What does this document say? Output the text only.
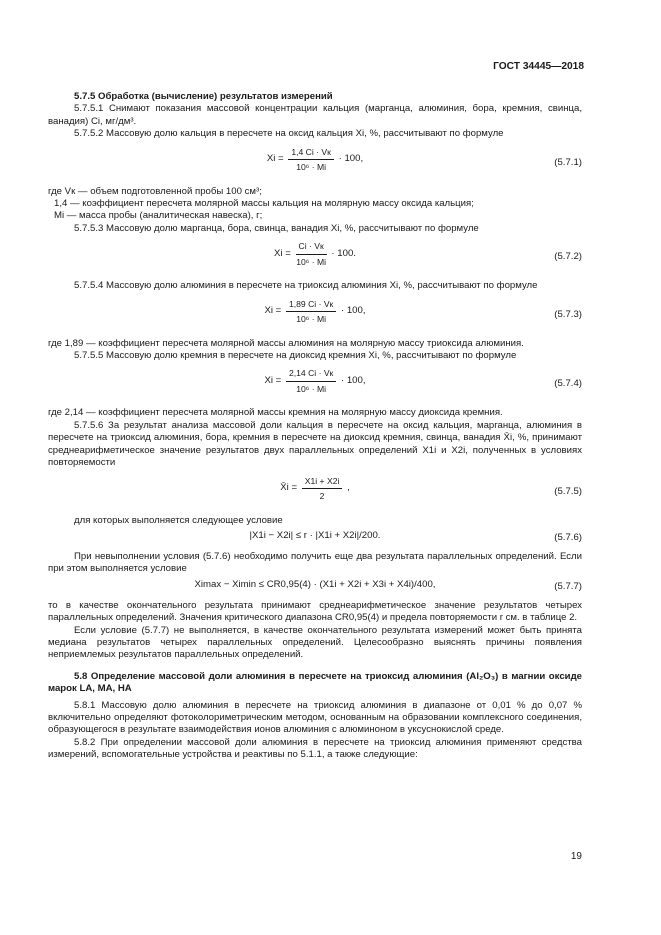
ГОСТ 34445—2018

5.7.5 Обработка (вычисление) результатов измерений

5.7.5.1 Снимают показания массовой концентрации кальция (марганца, алюминия, бора, кремния, свинца, ванадия) Ci, мг/дм³.

5.7.5.2 Массовую долю кальция в пересчете на оксид кальция Xi, %, рассчитывают по формуле

$Xi = \frac{1,4 Ci \cdot Vк}{\text{10⁶ · Mi}} \cdot 100$,	(5.7.1)

где Vк — объем подготовленной пробы 100 см³;

1,4 — коэффициент пересчета молярной массы кальция на молярную массу оксида кальция;

Mi — масса пробы (аналитическая навеска), г;

5.7.5.3 Массовую долю марганца, бора, свинца, ванадия Xi, %, рассчитывают по формуле

$Xi = \frac{Ci \cdot Vк}{\text{10⁶ · Mi}} \cdot 100$.	(5.7.2)

5.7.5.4 Массовую долю алюминия в пересчете на триоксид алюминия Xi, %, рассчитывают по формуле

$Xi = \frac{1,89 Ci \cdot Vк}{\text{10⁶ · Mi}} \cdot 100$,	(5.7.3)

где 1,89 — коэффициент пересчета молярной массы алюминия на молярную массу триоксида алюминия.

5.7.5.5 Массовую долю кремния в пересчете на диоксид кремния Xi, %, рассчитывают по формуле

$Xi = \frac{2,14 Ci \cdot Vк}{\text{10⁶ · Mi}} \cdot 100$,	(5.7.4)

где 2,14 — коэффициент пересчета молярной массы кремния на молярную массу диоксида кремния.

5.7.5.6 За результат анализа массовой доли кальция в пересчете на оксид кальция, марганца, алюминия в пересчете на триоксид алюминия, бора, кремния в пересчете на диоксид кремния, свинца, ванадия X̄i, %, принимают среднеарифметическое значение результатов двух параллельных определений X1i и X2i, полученных в условиях повторяемости

X̄i = $\frac{X1i + X2i}{2}$ ,	(5.7.5)

для которых выполняется следующее условие

|X1i − X2i| ≤ r · |X1i + X2i|/200.	(5.7.6)

При невыполнении условия (5.7.6) необходимо получить еще два результата параллельных определений. Если при этом выполняется условие

Ximax − Ximin ≤ CR0,95(4) · (X1i + X2i + X3i + X4i)/400,	(5.7.7)

то в качестве окончательного результата принимают среднеарифметическое значение результатов четырех параллельных определений. Значения критического диапазона CR0,95(4) и предела повторяемости r см. в таблице 2.

Если условие (5.7.7) не выполняется, в качестве окончательного результата измерений может быть принята медиана результатов четырех параллельных определений. Целесообразно выяснять причины появления неприемлемых результатов параллельных определений.

5.8 Определение массовой доли алюминия в пересчете на триоксид алюминия (Al₂O₃) в магнии оксиде марок LA, MA, HA

5.8.1 Массовую долю алюминия в пересчете на триоксид алюминия в диапазоне от 0,01 % до 0,07 % включительно определяют фотоколориметрическим методом, основанным на образовании комплексного соединения, образующегося в результате взаимодействия ионов алюминия с алюминоном в уксуснокислой среде.

5.8.2 При определении массовой доли алюминия в пересчете на триоксид алюминия применяют средства измерений, вспомогательные устройства и реактивы по 5.1.1, а также следующие:

19
